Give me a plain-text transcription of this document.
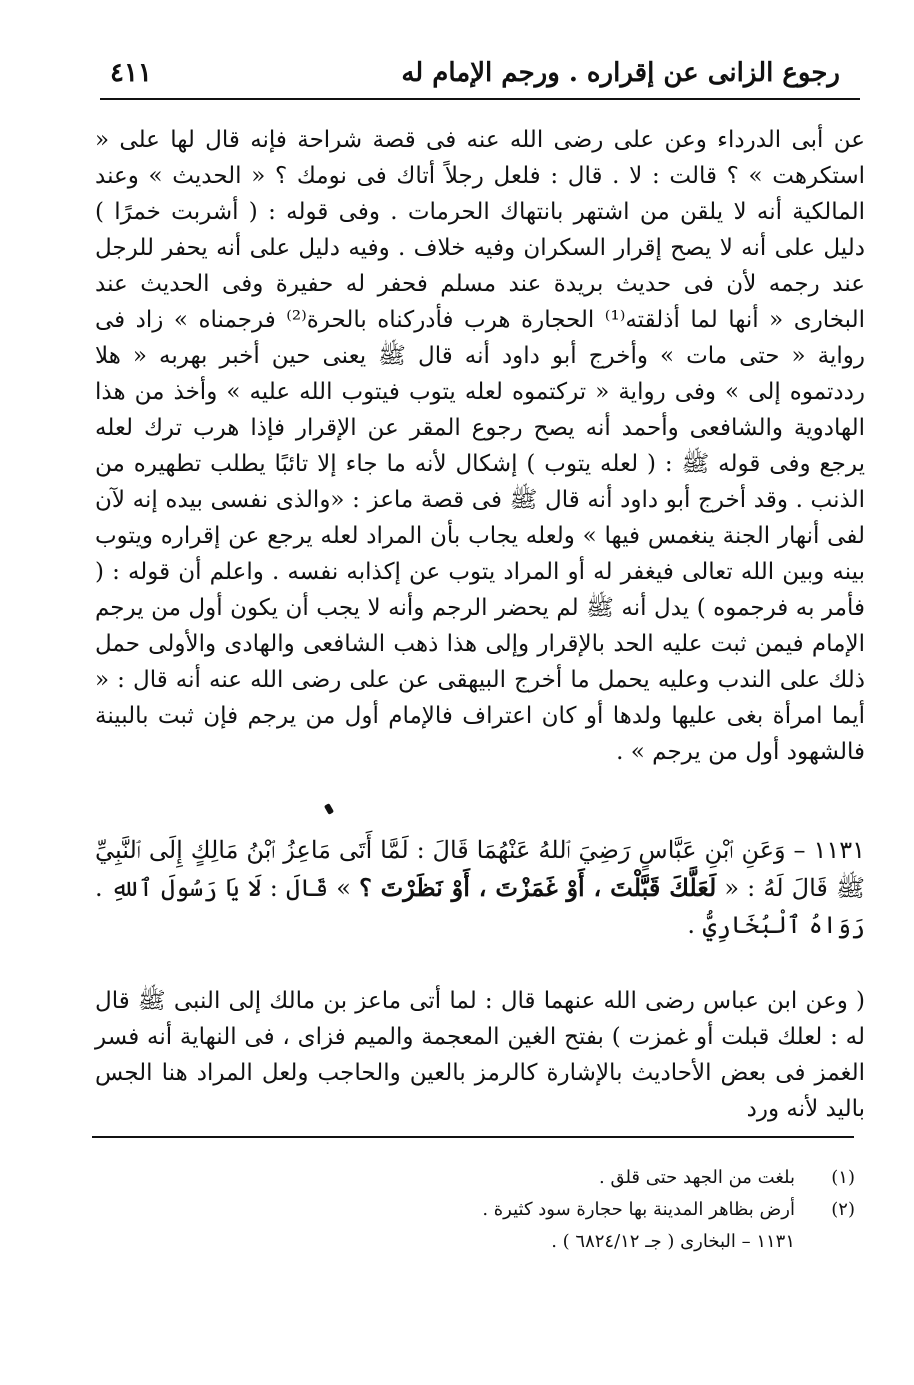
رجوع الزانى عن إقراره . ورجم الإمام له
٤١١

عن أبى الدرداء وعن على رضى الله عنه فى قصة شراحة فإنه قال لها على « استكرهت » ؟ قالت : لا . قال : فلعل رجلاً أتاك فى نومك ؟ « الحديث » وعند المالكية أنه لا يلقن من اشتهر بانتهاك الحرمات . وفى قوله : ( أشربت خمرًا ) دليل على أنه لا يصح إقرار السكران وفيه خلاف . وفيه دليل على أنه يحفر للرجل عند رجمه لأن فى حديث بريدة عند مسلم فحفر له حفيرة وفى الحديث عند البخارى « أنها لما أذلقته⁽¹⁾ الحجارة هرب فأدركناه بالحرة⁽²⁾ فرجمناه » زاد فى رواية « حتى مات » وأخرج أبو داود أنه قال ﷺ يعنى حين أخبر بهربه « هلا رددتموه إلى » وفى رواية « تركتموه لعله يتوب فيتوب الله عليه » وأخذ من هذا الهادوية والشافعى وأحمد أنه يصح رجوع المقر عن الإقرار فإذا هرب ترك لعله يرجع وفى قوله ﷺ : ( لعله يتوب ) إشكال لأنه ما جاء إلا تائبًا يطلب تطهيره من الذنب . وقد أخرج أبو داود أنه قال ﷺ فى قصة ماعز : «والذى نفسى بيده إنه لآن لفى أنهار الجنة ينغمس فيها » ولعله يجاب بأن المراد لعله يرجع عن إقراره ويتوب بينه وبين الله تعالى فيغفر له أو المراد يتوب عن إكذابه نفسه . واعلم أن قوله : ( فأمر به فرجموه ) يدل أنه ﷺ لم يحضر الرجم وأنه لا يجب أن يكون أول من يرجم الإمام فيمن ثبت عليه الحد بالإقرار وإلى هذا ذهب الشافعى والهادى والأولى حمل ذلك على الندب وعليه يحمل ما أخرج البيهقى عن على رضى الله عنه أنه قال : « أيما امرأة بغى عليها ولدها أو كان اعتراف فالإمام أول من يرجم فإن ثبت بالبينة فالشهود أول من يرجم » .

١١٣١ – وَعَنِ ٱبْنِ عَبَّاسٍ رَضِيَ ٱللهُ عَنْهُمَا قَالَ : لَمَّا أَتَى مَاعِزُ ٱبْنُ مَالِكٍ إِلَى ٱلنَّبِيِّ ﷺ قَالَ لَهُ : « لَعَلَّكَ قَبَّلْتَ ، أَوْ غَمَزْتَ ، أَوْ نَظَرْتَ ؟ » قَالَ : لَا يَا رَسُولَ ٱللهِ . رَوَاهُ ٱلْبُخَارِيُّ .

( وعن ابن عباس رضى الله عنهما قال : لما أتى ماعز بن مالك إلى النبى ﷺ قال له : لعلك قبلت أو غمزت ) بفتح الغين المعجمة والميم فزاى ، فى النهاية أنه فسر الغمز فى بعض الأحاديث بالإشارة كالرمز بالعين والحاجب ولعل المراد هنا الجس باليد لأنه ورد

(١)
بلغت من الجهد حتى قلق .
(٢)
أرض بظاهر المدينة بها حجارة سود كثيرة .
١١٣١ – البخارى ( جـ ٦٨٢٤/١٢ ) .
